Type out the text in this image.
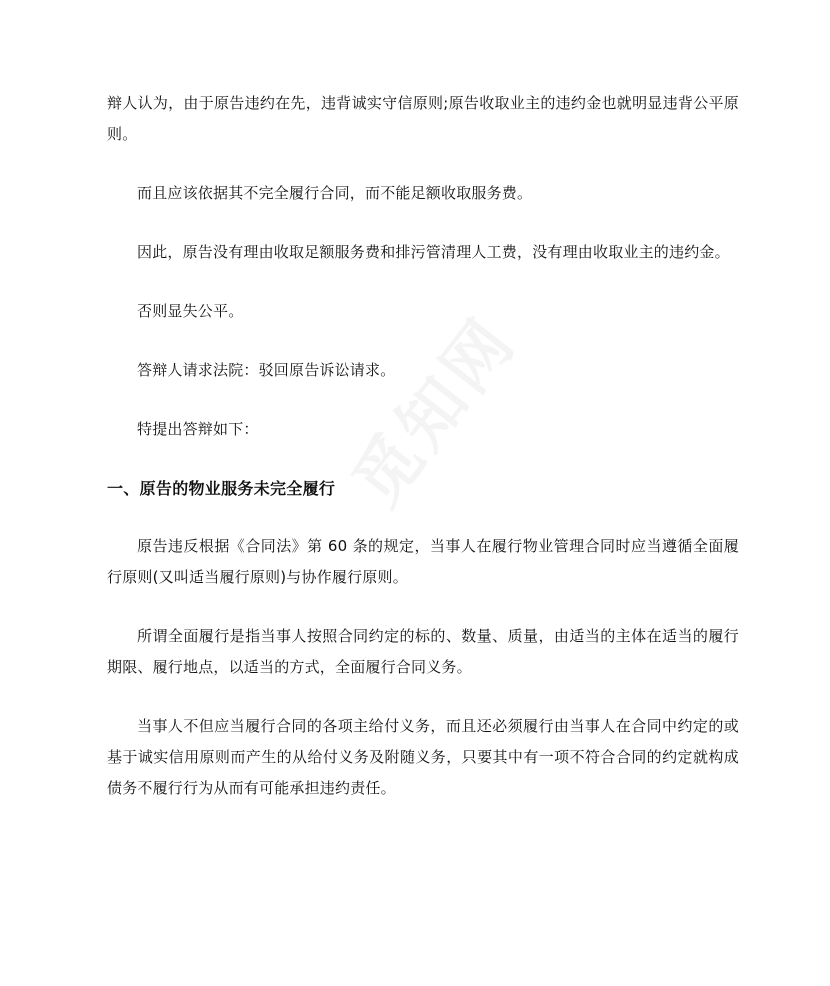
辩人认为，由于原告违约在先，违背诚实守信原则;原告收取业主的违约金也就明显违背公平原则。

而且应该依据其不完全履行合同，而不能足额收取服务费。

因此，原告没有理由收取足额服务费和排污管清理人工费，没有理由收取业主的违约金。

否则显失公平。

答辩人请求法院：驳回原告诉讼请求。

特提出答辩如下：

一、原告的物业服务未完全履行

原告违反根据《合同法》第 60 条的规定，当事人在履行物业管理合同时应当遵循全面履行原则(又叫适当履行原则)与协作履行原则。

所谓全面履行是指当事人按照合同约定的标的、数量、质量，由适当的主体在适当的履行期限、履行地点，以适当的方式，全面履行合同义务。

当事人不但应当履行合同的各项主给付义务，而且还必须履行由当事人在合同中约定的或基于诚实信用原则而产生的从给付义务及附随义务，只要其中有一项不符合合同的约定就构成债务不履行行为从而有可能承担违约责任。
